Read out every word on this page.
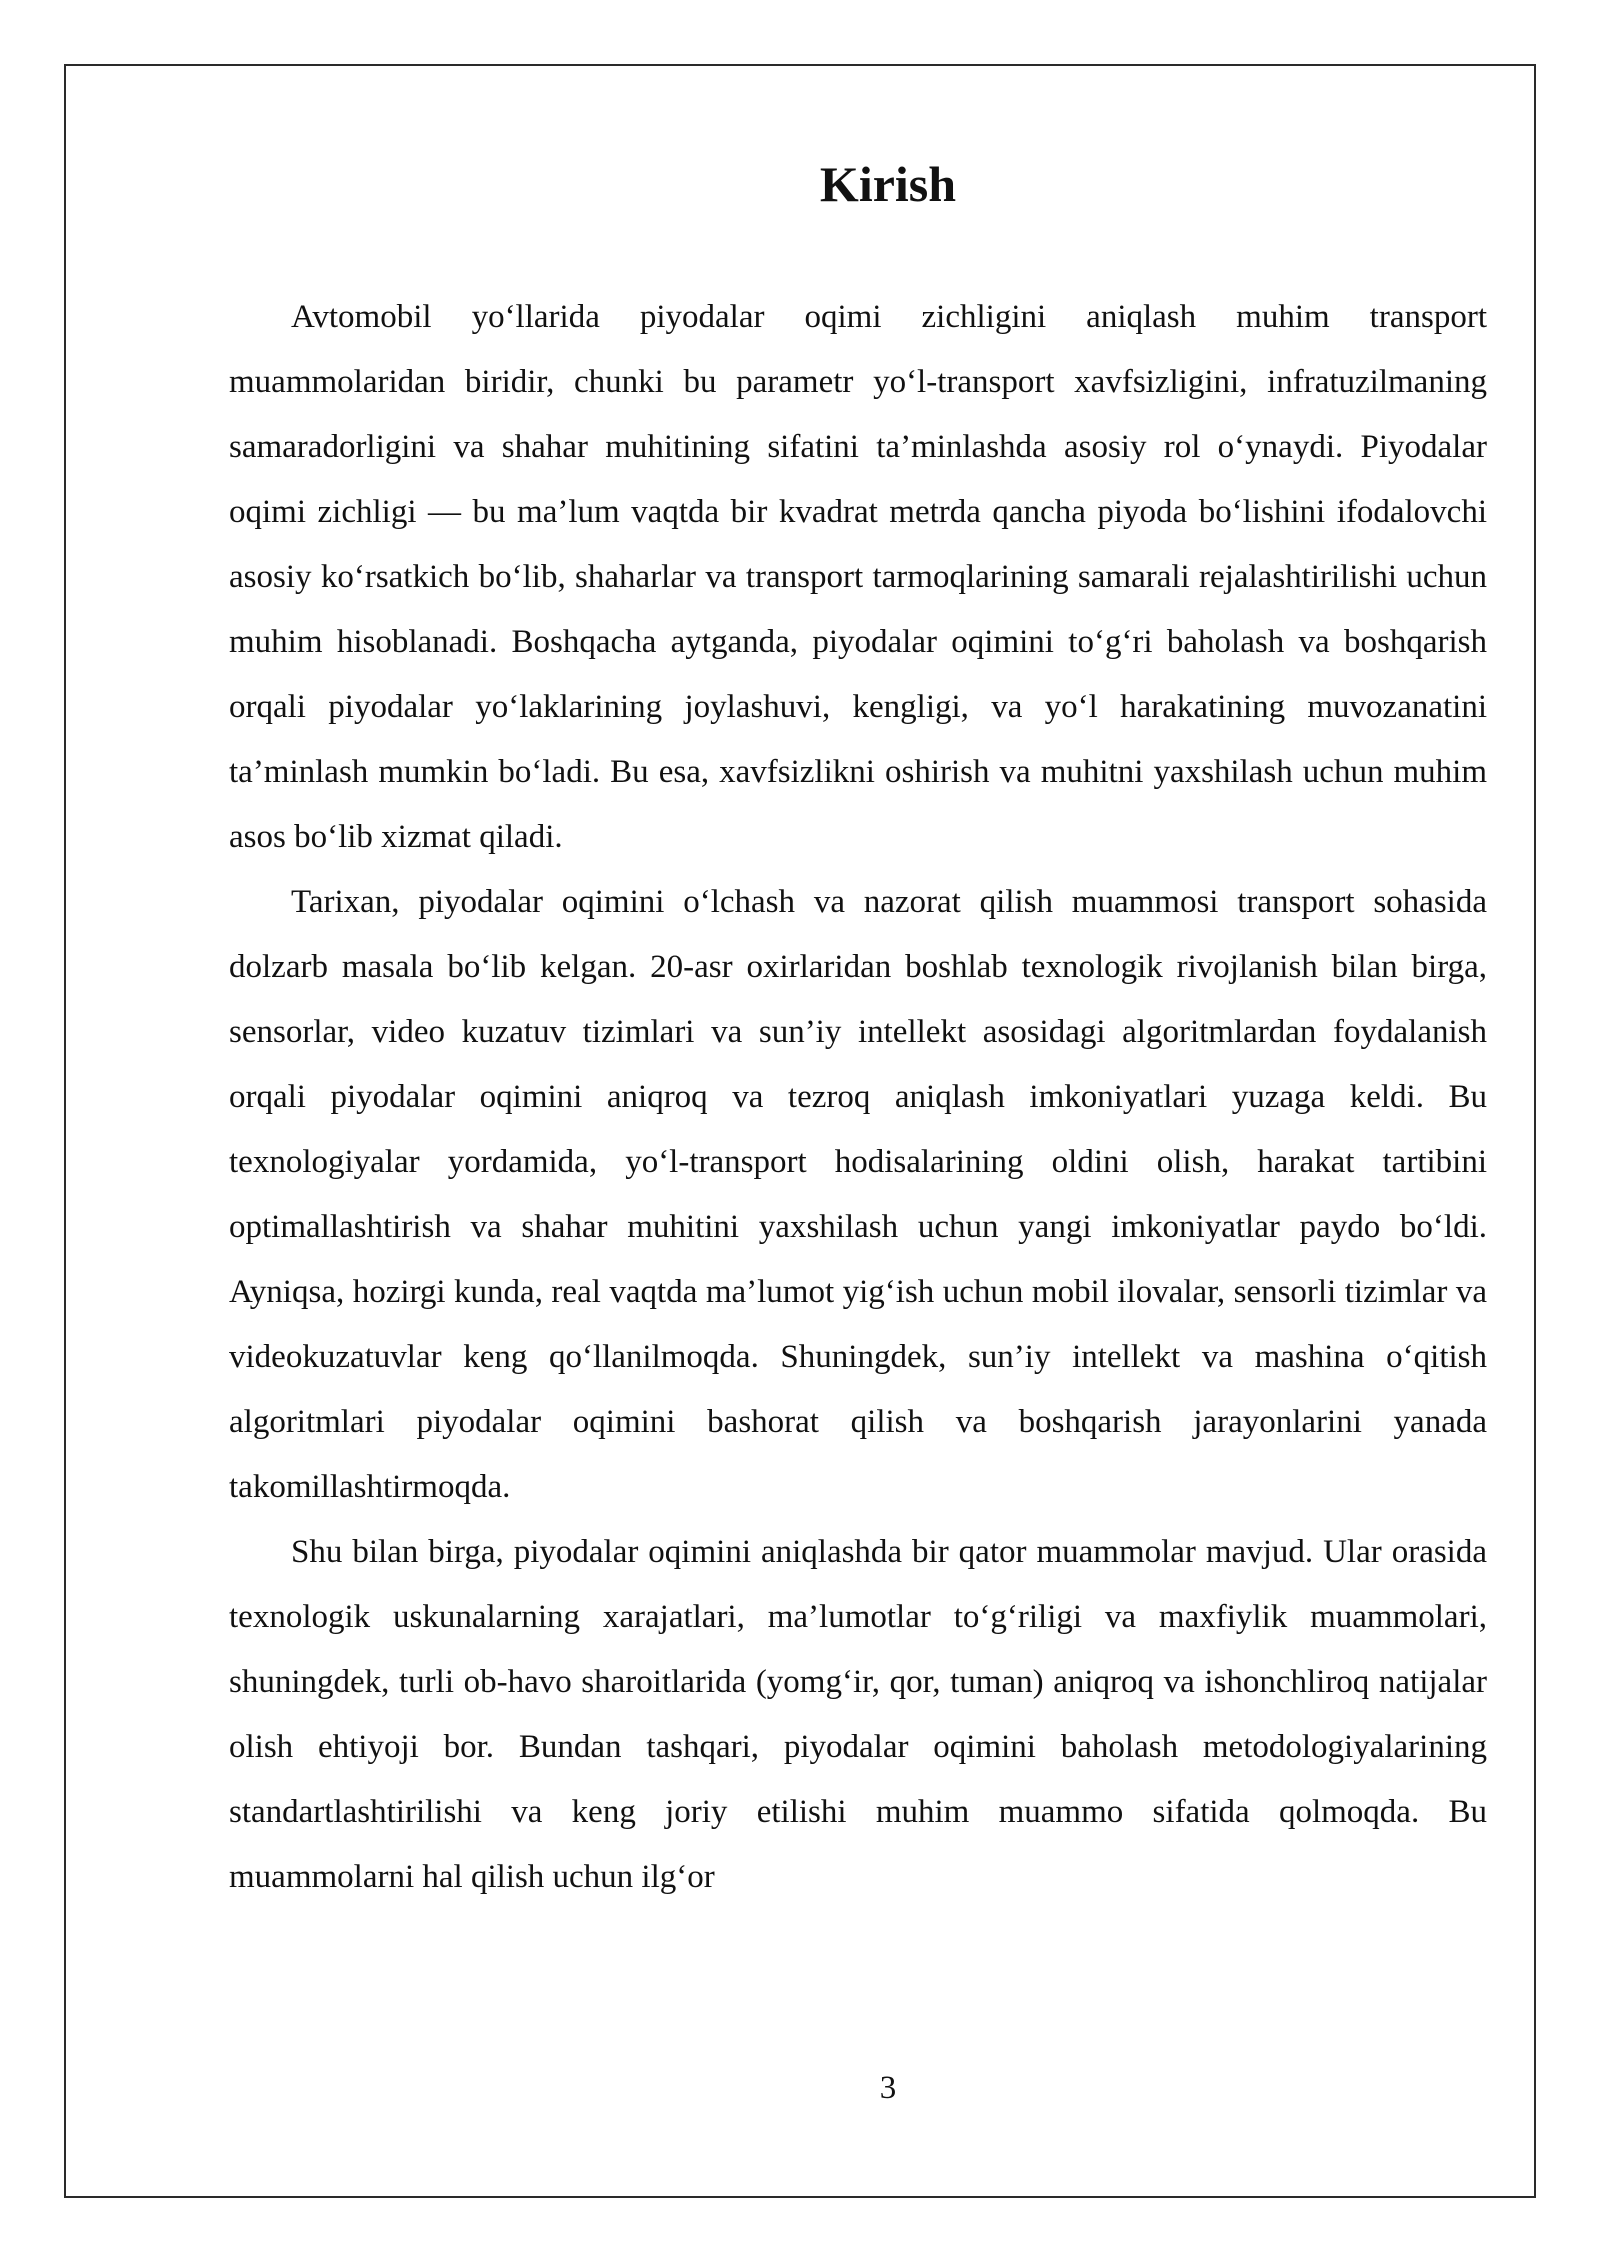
Kirish

Avtomobil yo‘llarida piyodalar oqimi zichligini aniqlash muhim transport muammolaridan biridir, chunki bu parametr yo‘l-transport xavfsizligini, infratuzilmaning samaradorligini va shahar muhitining sifatini ta’minlashda asosiy rol o‘ynaydi. Piyodalar oqimi zichligi — bu ma’lum vaqtda bir kvadrat metrda qancha piyoda bo‘lishini ifodalovchi asosiy ko‘rsatkich bo‘lib, shaharlar va transport tarmoqlarining samarali rejalashtirilishi uchun muhim hisoblanadi. Boshqacha aytganda, piyodalar oqimini to‘g‘ri baholash va boshqarish orqali piyodalar yo‘laklarining joylashuvi, kengligi, va yo‘l harakatining muvozanatini ta’minlash mumkin bo‘ladi. Bu esa, xavfsizlikni oshirish va muhitni yaxshilash uchun muhim asos bo‘lib xizmat qiladi.

Tarixan, piyodalar oqimini o‘lchash va nazorat qilish muammosi transport sohasida dolzarb masala bo‘lib kelgan. 20-asr oxirlaridan boshlab texnologik rivojlanish bilan birga, sensorlar, video kuzatuv tizimlari va sun’iy intellekt asosidagi algoritmlardan foydalanish orqali piyodalar oqimini aniqroq va tezroq aniqlash imkoniyatlari yuzaga keldi. Bu texnologiyalar yordamida, yo‘l-transport hodisalarining oldini olish, harakat tartibini optimallashtirish va shahar muhitini yaxshilash uchun yangi imkoniyatlar paydo bo‘ldi. Ayniqsa, hozirgi kunda, real vaqtda ma’lumot yig‘ish uchun mobil ilovalar, sensorli tizimlar va videokuzatuvlar keng qo‘llanilmoqda. Shuningdek, sun’iy intellekt va mashina o‘qitish algoritmlari piyodalar oqimini bashorat qilish va boshqarish jarayonlarini yanada takomillashtirmoqda.

Shu bilan birga, piyodalar oqimini aniqlashda bir qator muammolar mavjud. Ular orasida texnologik uskunalarning xarajatlari, ma’lumotlar to‘g‘riligi va maxfiylik muammolari, shuningdek, turli ob-havo sharoitlarida (yomg‘ir, qor, tuman) aniqroq va ishonchliroq natijalar olish ehtiyoji bor. Bundan tashqari, piyodalar oqimini baholash metodologiyalarining standartlashtirilishi va keng joriy etilishi muhim muammo sifatida qolmoqda. Bu muammolarni hal qilish uchun ilg‘or

3
